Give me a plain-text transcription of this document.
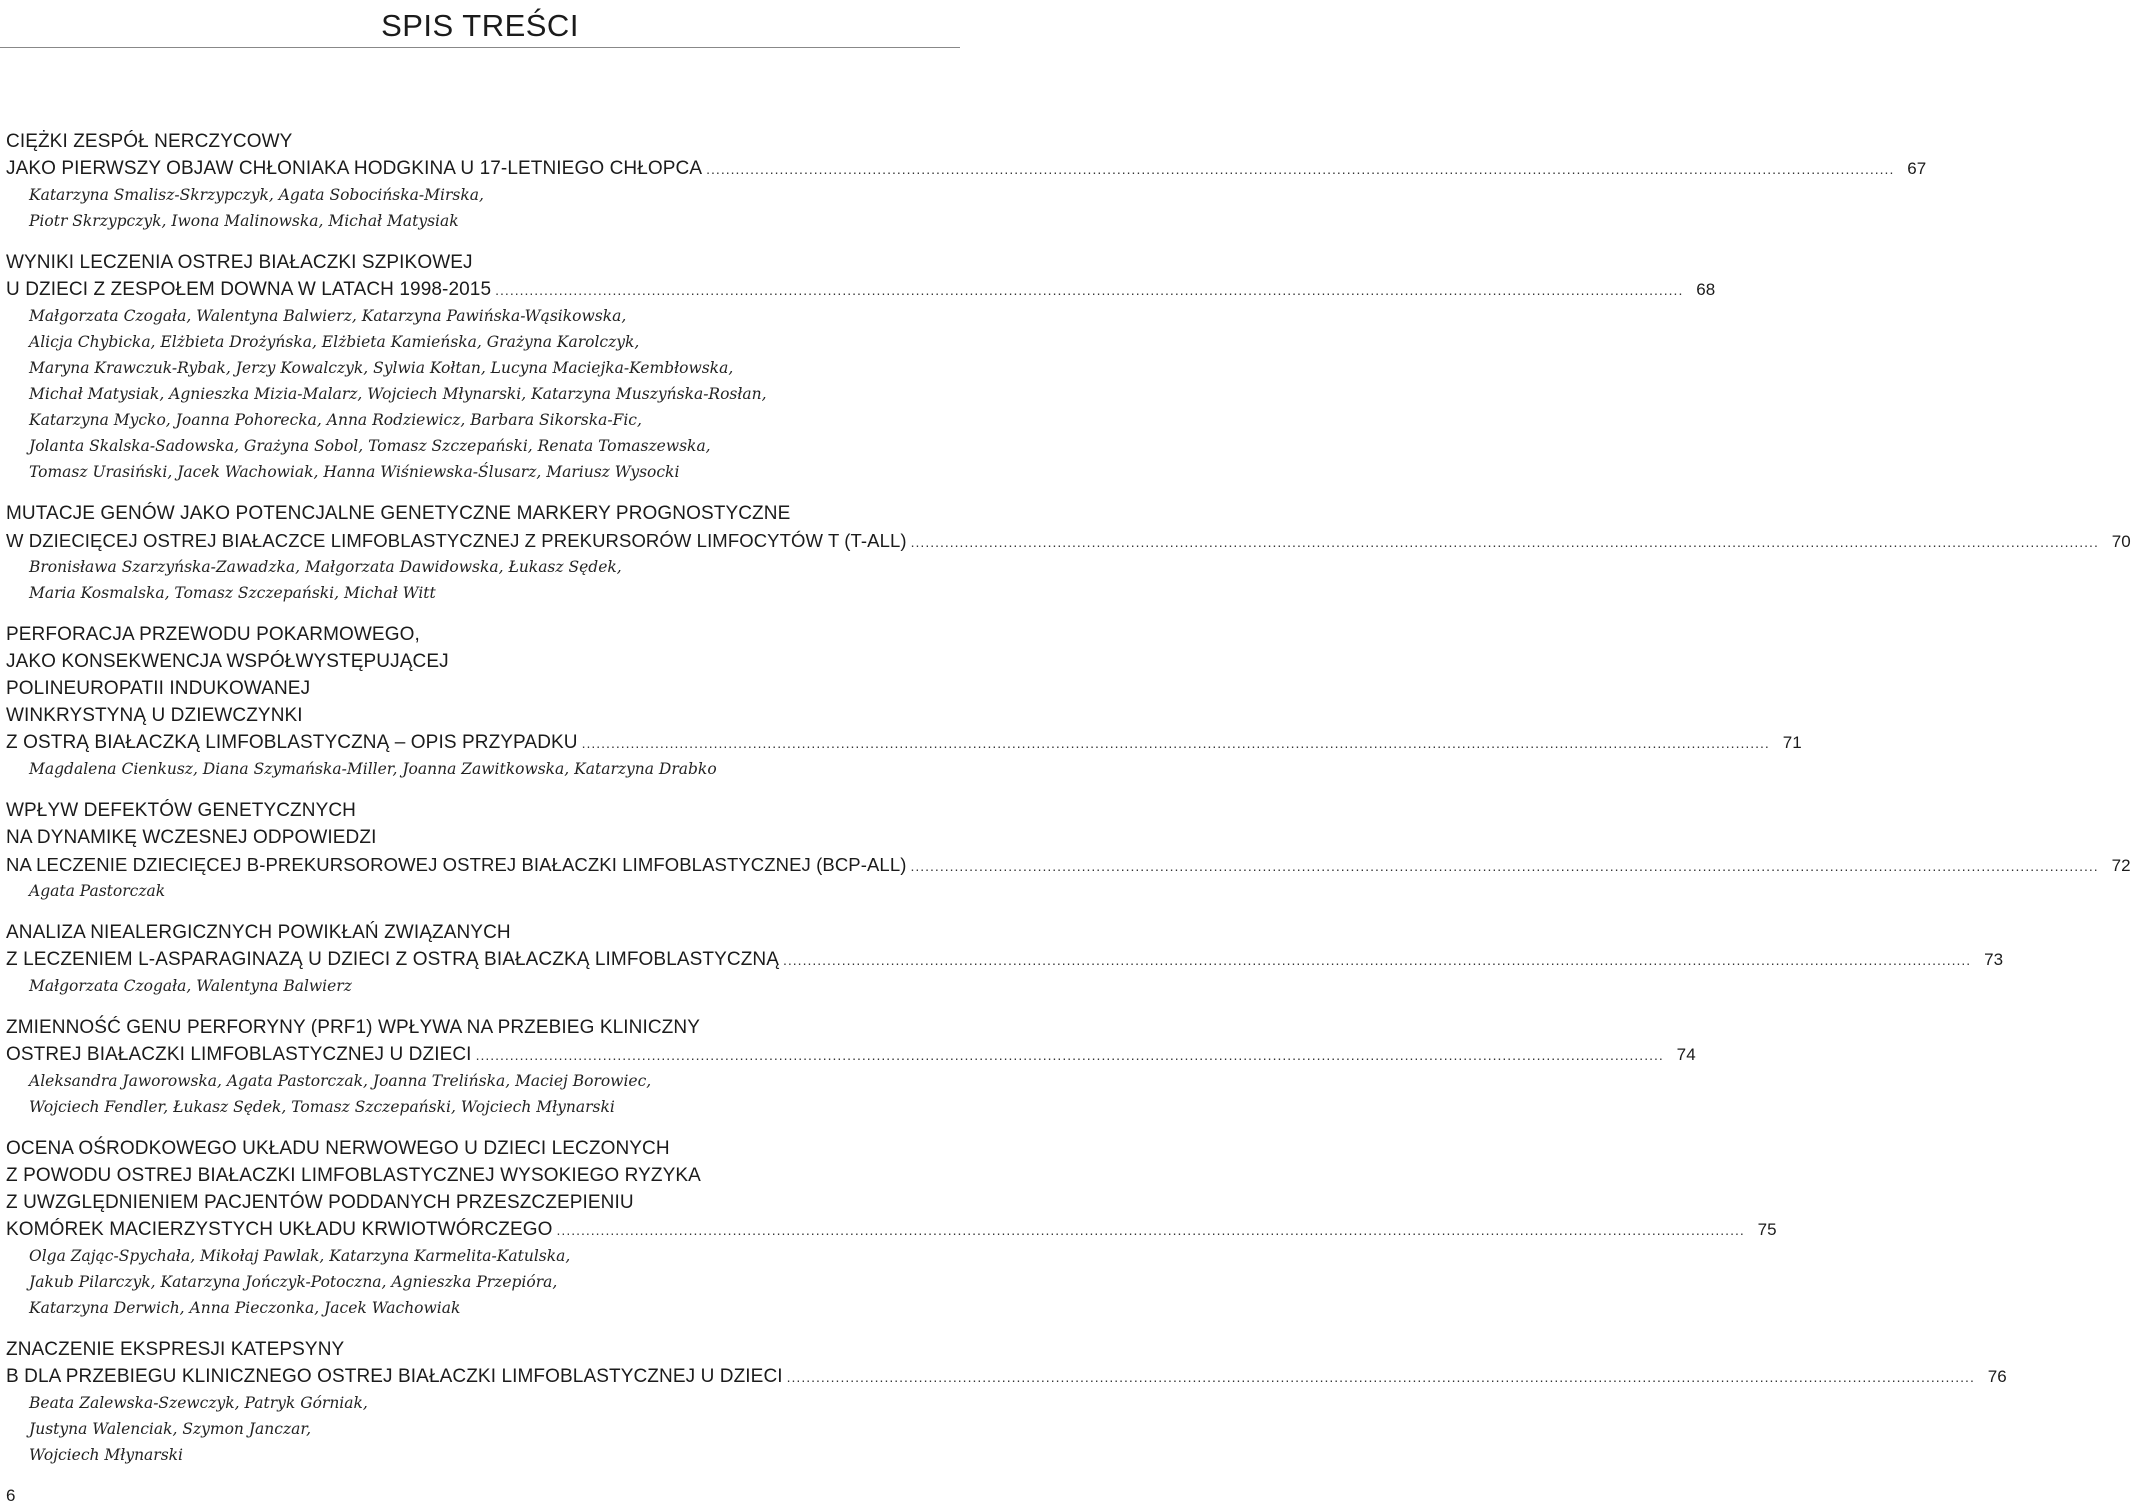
SPIS TREŚCI
CIĘŻKI ZESPÓŁ NERCZYCOWY
JAKO PIERWSZY OBJAW CHŁONIAKA HODGKINA U 17-LETNIEGO CHŁOPCA ................................................................................................................................................................................................................................................... 67
Katarzyna Smalisz-Skrzypczyk, Agata Sobocińska-Mirska,
Piotr Skrzypczyk, Iwona Malinowska, Michał Matysiak
WYNIKI LECZENIA OSTREJ BIAŁACZKI SZPIKOWEJ
U DZIECI Z ZESPOŁEM DOWNA W LATACH 1998-2015 ................................................................................................................................................................................................................................................... 68
Małgorzata Czogała, Walentyna Balwierz, Katarzyna Pawińska-Wąsikowska,
Alicja Chybicka, Elżbieta Drożyńska, Elżbieta Kamieńska, Grażyna Karolczyk,
Maryna Krawczuk-Rybak, Jerzy Kowalczyk, Sylwia Kołtan, Lucyna Maciejka-Kembłowska,
Michał Matysiak, Agnieszka Mizia-Malarz, Wojciech Młynarski, Katarzyna Muszyńska-Rosłan,
Katarzyna Mycko, Joanna Pohorecka, Anna Rodziewicz, Barbara Sikorska-Fic,
Jolanta Skalska-Sadowska, Grażyna Sobol, Tomasz Szczepański, Renata Tomaszewska,
Tomasz Urasiński, Jacek Wachowiak, Hanna Wiśniewska-Ślusarz, Mariusz Wysocki
MUTACJE GENÓW JAKO POTENCJALNE GENETYCZNE MARKERY PROGNOSTYCZNE
W DZIECIĘCEJ OSTREJ BIAŁACZCE LIMFOBLASTYCZNEJ Z PREKURSORÓW LIMFOCYTÓW T (T-ALL) ................................................................................................................................................................................................................................................... 70
Bronisława Szarzyńska-Zawadzka, Małgorzata Dawidowska, Łukasz Sędek,
Maria Kosmalska, Tomasz Szczepański, Michał Witt
PERFORACJA PRZEWODU POKARMOWEGO,
JAKO KONSEKWENCJA WSPÓŁWYSTĘPUJĄCEJ
POLINEUROPATII INDUKOWANEJ
WINKRYSTYNĄ U DZIEWCZYNKI
Z OSTRĄ BIAŁACZKĄ LIMFOBLASTYCZNĄ – OPIS PRZYPADKU ................................................................................................................................................................................................................................................... 71
Magdalena Cienkusz, Diana Szymańska-Miller, Joanna Zawitkowska, Katarzyna Drabko
WPŁYW DEFEKTÓW GENETYCZNYCH
NA DYNAMIKĘ WCZESNEJ ODPOWIEDZI
NA LECZENIE DZIECIĘCEJ B-PREKURSOROWEJ OSTREJ BIAŁACZKI LIMFOBLASTYCZNEJ (BCP-ALL) ................................................................................................................................................................................................................................................... 72
Agata Pastorczak
ANALIZA NIEALERGICZNYCH POWIKŁAŃ ZWIĄZANYCH
Z LECZENIEM L-ASPARAGINAZĄ U DZIECI Z OSTRĄ BIAŁACZKĄ LIMFOBLASTYCZNĄ ................................................................................................................................................................................................................................................... 73
Małgorzata Czogała, Walentyna Balwierz
ZMIENNOŚĆ GENU PERFORYNY (PRF1) WPŁYWA NA PRZEBIEG KLINICZNY
OSTREJ BIAŁACZKI LIMFOBLASTYCZNEJ U DZIECI ................................................................................................................................................................................................................................................... 74
Aleksandra Jaworowska, Agata Pastorczak, Joanna Trelińska, Maciej Borowiec,
Wojciech Fendler, Łukasz Sędek, Tomasz Szczepański, Wojciech Młynarski
OCENA OŚRODKOWEGO UKŁADU NERWOWEGO U DZIECI LECZONYCH
Z POWODU OSTREJ BIAŁACZKI LIMFOBLASTYCZNEJ WYSOKIEGO RYZYKA
Z UWZGLĘDNIENIEM PACJENTÓW PODDANYCH PRZESZCZEPIENIU
KOMÓREK MACIERZYSTYCH UKŁADU KRWIOTWÓRCZEGO ................................................................................................................................................................................................................................................... 75
Olga Zając-Spychała, Mikołaj Pawlak, Katarzyna Karmelita-Katulska,
Jakub Pilarczyk, Katarzyna Jończyk-Potoczna, Agnieszka Przepióra,
Katarzyna Derwich, Anna Pieczonka, Jacek Wachowiak
ZNACZENIE EKSPRESJI KATEPSYNY
B DLA PRZEBIEGU KLINICZNEGO OSTREJ BIAŁACZKI LIMFOBLASTYCZNEJ U DZIECI ................................................................................................................................................................................................................................................... 76
Beata Zalewska-Szewczyk, Patryk Górniak,
Justyna Walenciak, Szymon Janczar,
Wojciech Młynarski
6
